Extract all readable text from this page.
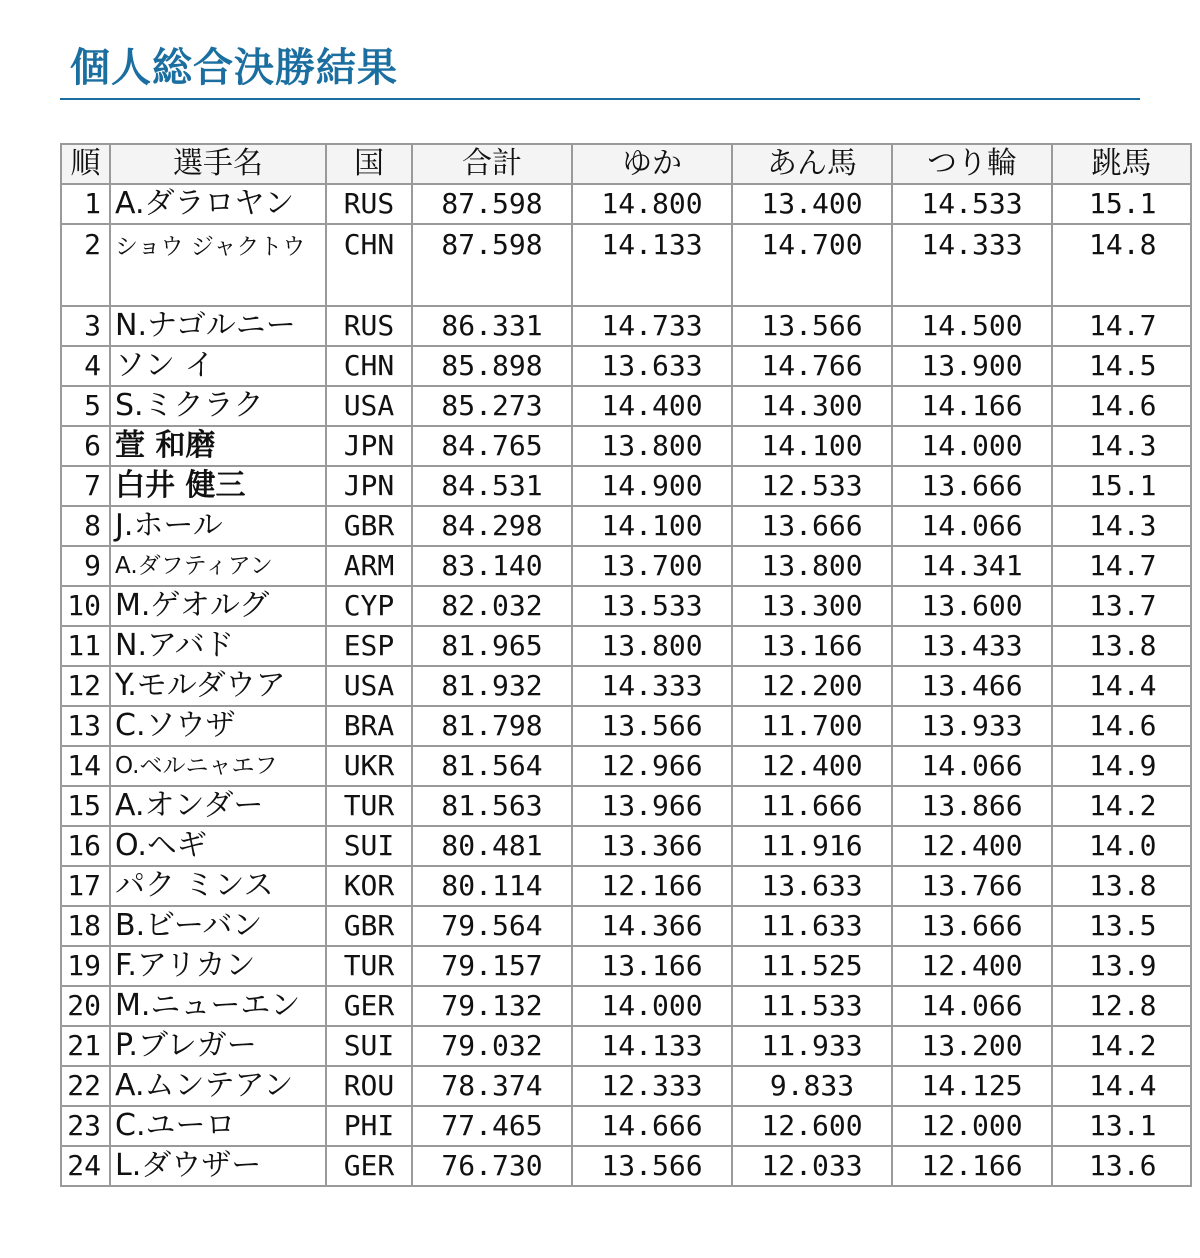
個人総合決勝結果
順	選手名	国	合計	ゆか	あん馬	つり輪	跳馬
1	A.ダラロヤン	RUS	87.598	14.800	13.400	14.533	15.1
2	ショウ ジャクトウ	CHN	87.598	14.133	14.700	14.333	14.8
3	N.ナゴルニー	RUS	86.331	14.733	13.566	14.500	14.7
4	ソン イ	CHN	85.898	13.633	14.766	13.900	14.5
5	S.ミクラク	USA	85.273	14.400	14.300	14.166	14.6
6	萱 和磨	JPN	84.765	13.800	14.100	14.000	14.3
7	白井 健三	JPN	84.531	14.900	12.533	13.666	15.1
8	J.ホール	GBR	84.298	14.100	13.666	14.066	14.3
9	A.ダフティアン	ARM	83.140	13.700	13.800	14.341	14.7
10	M.ゲオルグ	CYP	82.032	13.533	13.300	13.600	13.7
11	N.アバド	ESP	81.965	13.800	13.166	13.433	13.8
12	Y.モルダウア	USA	81.932	14.333	12.200	13.466	14.4
13	C.ソウザ	BRA	81.798	13.566	11.700	13.933	14.6
14	O.ベルニャエフ	UKR	81.564	12.966	12.400	14.066	14.9
15	A.オンダー	TUR	81.563	13.966	11.666	13.866	14.2
16	O.ヘギ	SUI	80.481	13.366	11.916	12.400	14.0
17	パク ミンス	KOR	80.114	12.166	13.633	13.766	13.8
18	B.ビーバン	GBR	79.564	14.366	11.633	13.666	13.5
19	F.アリカン	TUR	79.157	13.166	11.525	12.400	13.9
20	M.ニューエン	GER	79.132	14.000	11.533	14.066	12.8
21	P.ブレガー	SUI	79.032	14.133	11.933	13.200	14.2
22	A.ムンテアン	ROU	78.374	12.333	9.833	14.125	14.4
23	C.ユーロ	PHI	77.465	14.666	12.600	12.000	13.1
24	L.ダウザー	GER	76.730	13.566	12.033	12.166	13.6
